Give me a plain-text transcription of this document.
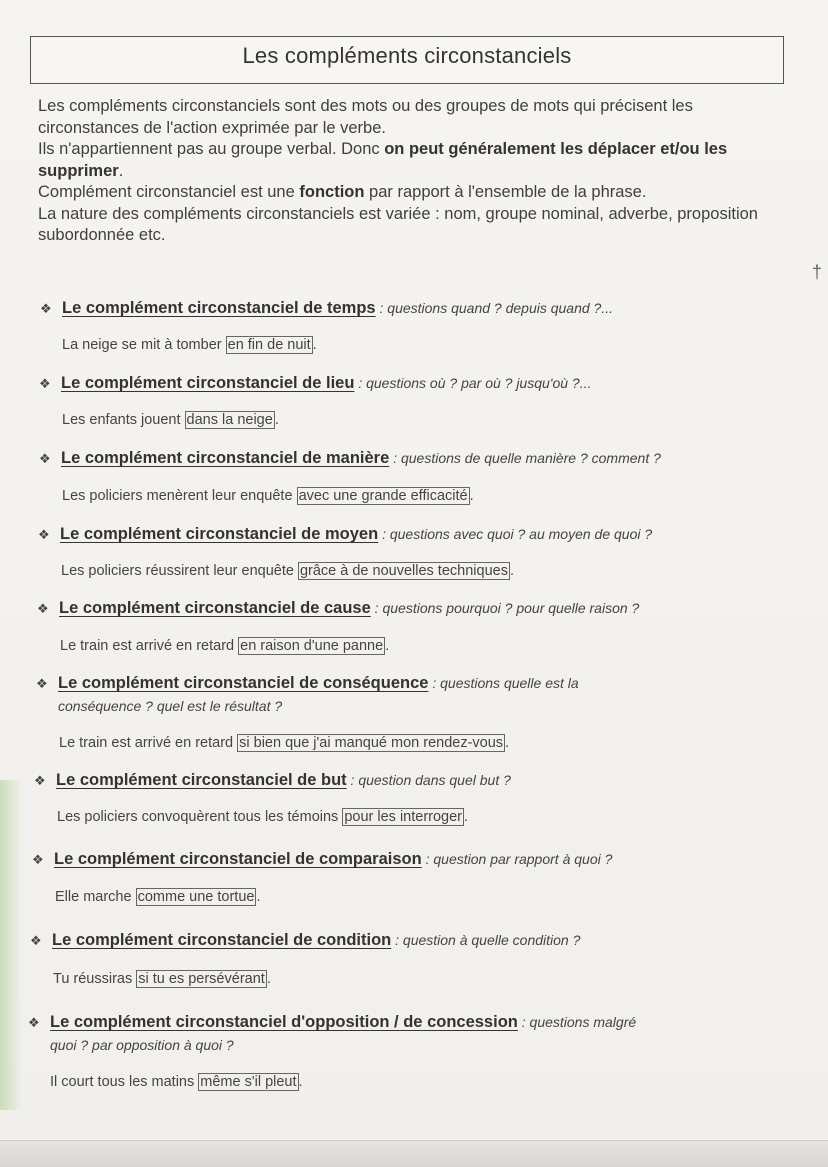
Les compléments circonstanciels

Les compléments circonstanciels sont des mots ou des groupes de mots qui précisent les circonstances de l'action exprimée par le verbe.

Ils n'appartiennent pas au groupe verbal. Donc on peut généralement les déplacer et/ou les supprimer.

Complément circonstanciel est une fonction par rapport à l'ensemble de la phrase.

La nature des compléments circonstanciels est variée : nom, groupe nominal, adverbe, proposition subordonnée etc.

❖ Le complément circonstanciel de temps : questions quand ? depuis quand ?...
La neige se mit à tomber en fin de nuit .
❖ Le complément circonstanciel de lieu : questions où ? par où ? jusqu'où ?...
Les enfants jouent dans la neige .
❖ Le complément circonstanciel de manière : questions de quelle manière ? comment ?
Les policiers menèrent leur enquête avec une grande efficacité .
❖ Le complément circonstanciel de moyen : questions avec quoi ? au moyen de quoi ?
Les policiers réussirent leur enquête grâce à de nouvelles techniques .
❖ Le complément circonstanciel de cause : questions pourquoi ? pour quelle raison ?
Le train est arrivé en retard en raison d'une panne .
❖ Le complément circonstanciel de conséquence : questions quelle est la
conséquence ? quel est le résultat ?
Le train est arrivé en retard si bien que j'ai manqué mon rendez-vous .
❖ Le complément circonstanciel de but : question dans quel but ?
Les policiers convoquèrent tous les témoins pour les interroger .
❖ Le complément circonstanciel de comparaison : question par rapport à quoi ?
Elle marche comme une tortue .
❖ Le complément circonstanciel de condition : question à quelle condition ?
Tu réussiras si tu es persévérant .
❖ Le complément circonstanciel d'opposition / de concession : questions malgré
quoi ? par opposition à quoi ?
Il court tous les matins même s'il pleut .
†
